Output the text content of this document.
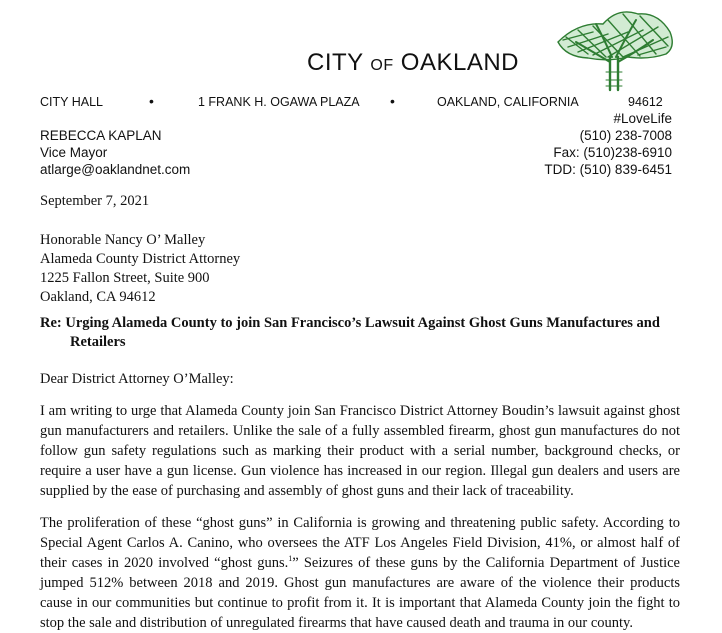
CITY OF OAKLAND
CITY HALL	•	1 FRANK H. OGAWA PLAZA •	OAKLAND, CALIFORNIA	94612
REBECCA KAPLAN
Vice Mayor
atlarge@oaklandnet.com
#LoveLife
(510) 238-7008
Fax: (510)238-6910
TDD: (510) 839-6451
September 7, 2021
Honorable Nancy O’ Malley
Alameda County District Attorney
1225 Fallon Street, Suite 900
Oakland, CA 94612
Re: Urging Alameda County to join San Francisco’s Lawsuit Against Ghost Guns Manufactures and
Retailers
Dear District Attorney O’Malley:
I am writing to urge that Alameda County join San Francisco District Attorney Boudin’s lawsuit against ghost gun manufacturers and retailers. Unlike the sale of a fully assembled firearm, ghost gun manufactures do not follow gun safety regulations such as marking their product with a serial number, background checks, or require a user have a gun license. Gun violence has increased in our region. Illegal gun dealers and users are supplied by the ease of purchasing and assembly of ghost guns and their lack of traceability.
The proliferation of these “ghost guns” in California is growing and threatening public safety. According to Special Agent Carlos A. Canino, who oversees the ATF Los Angeles Field Division, 41%, or almost half of their cases in 2020 involved “ghost guns.$^1$” Seizures of these guns by the California Department of Justice jumped 512% between 2018 and 2019. Ghost gun manufactures are aware of the violence their products cause in our communities but continue to profit from it. It is important that Alameda County join the fight to stop the sale and distribution of unregulated firearms that have caused death and trauma in our county.
